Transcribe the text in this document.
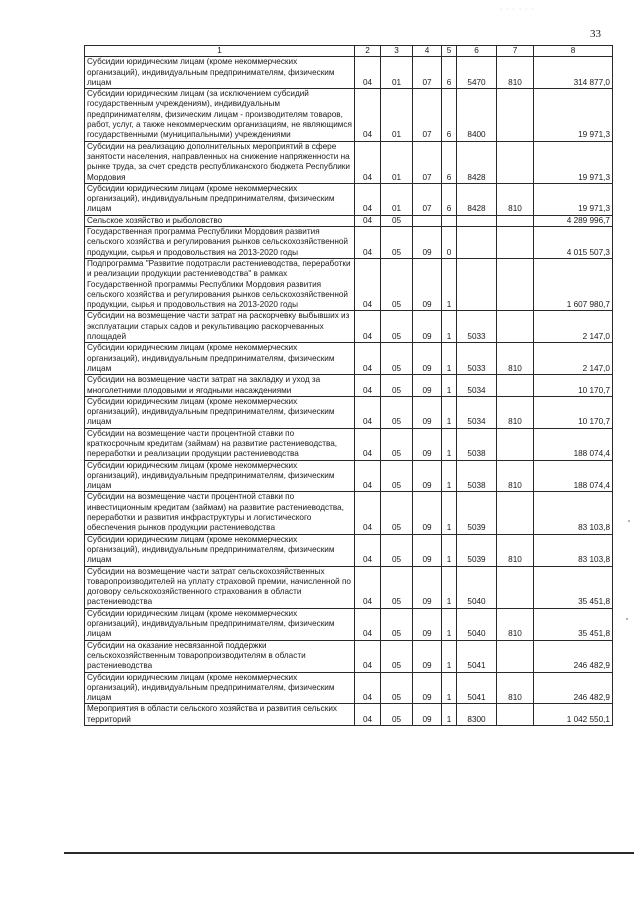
· · · · · ·
33
1	2	3	4	5	6	7	8
Субсидии юридическим лицам (кроме некоммерческих организаций), индивидуальным предпринимателям, физическим лицам	04	01	07	6	5470	810	314 877,0
Субсидии юридическим лицам (за исключением субсидий государственным учреждениям), индивидуальным предпринимателям, физическим лицам - производителям товаров, работ, услуг, а также некоммерческим организациям, не являющимся государственными (муниципальными) учреждениями	04	01	07	6	8400		19 971,3
Субсидии на реализацию дополнительных мероприятий в сфере занятости населения, направленных на снижение напряженности на рынке труда, за счет средств республиканского бюджета Республики Мордовия	04	01	07	6	8428		19 971,3
Субсидии юридическим лицам (кроме некоммерческих организаций), индивидуальным предпринимателям, физическим лицам	04	01	07	6	8428	810	19 971,3
Сельское хозяйство и рыболовство	04	05					4 289 996,7
Государственная программа Республики Мордовия развития сельского хозяйства и регулирования рынков сельскохозяйственной продукции, сырья и продовольствия на 2013-2020 годы	04	05	09	0			4 015 507,3
Подпрограмма "Развитие подотрасли растениеводства, переработки и реализации продукции растениеводства" в рамках Государственной программы Республики Мордовия развития сельского хозяйства и регулирования рынков сельскохозяйственной продукции, сырья и продовольствия на 2013-2020 годы	04	05	09	1			1 607 980,7
Субсидии на возмещение части затрат на раскорчевку выбывших из эксплуатации старых садов и рекультивацию раскорчеванных площадей	04	05	09	1	5033		2 147,0
Субсидии юридическим лицам (кроме некоммерческих организаций), индивидуальным предпринимателям, физическим лицам	04	05	09	1	5033	810	2 147,0
Субсидии на возмещение части затрат на закладку и уход за многолетними плодовыми и ягодными насаждениями	04	05	09	1	5034		10 170,7
Субсидии юридическим лицам (кроме некоммерческих организаций), индивидуальным предпринимателям, физическим лицам	04	05	09	1	5034	810	10 170,7
Субсидии на возмещение части процентной ставки по краткосрочным кредитам (займам) на развитие растениеводства, переработки и реализации продукции растениеводства	04	05	09	1	5038		188 074,4
Субсидии юридическим лицам (кроме некоммерческих организаций), индивидуальным предпринимателям, физическим лицам	04	05	09	1	5038	810	188 074,4
Субсидии на возмещение части процентной ставки по инвестиционным кредитам (займам) на развитие растениеводства, переработки и развития инфраструктуры и логистического обеспечения рынков продукции растениеводства	04	05	09	1	5039		83 103,8
Субсидии юридическим лицам (кроме некоммерческих организаций), индивидуальным предпринимателям, физическим лицам	04	05	09	1	5039	810	83 103,8
Субсидии на возмещение части затрат сельскохозяйственных товаропроизводителей на уплату страховой премии, начисленной по договору сельскохозяйственного страхования в области растениеводства	04	05	09	1	5040		35 451,8
Субсидии юридическим лицам (кроме некоммерческих организаций), индивидуальным предпринимателям, физическим лицам	04	05	09	1	5040	810	35 451,8
Субсидии на оказание несвязанной поддержки сельскохозяйственным товаропроизводителям в области растениеводства	04	05	09	1	5041		246 482,9
Субсидии юридическим лицам (кроме некоммерческих организаций), индивидуальным предпринимателям, физическим лицам	04	05	09	1	5041	810	246 482,9
Мероприятия в области сельского хозяйства и развития сельских территорий	04	05	09	1	8300		1 042 550,1
